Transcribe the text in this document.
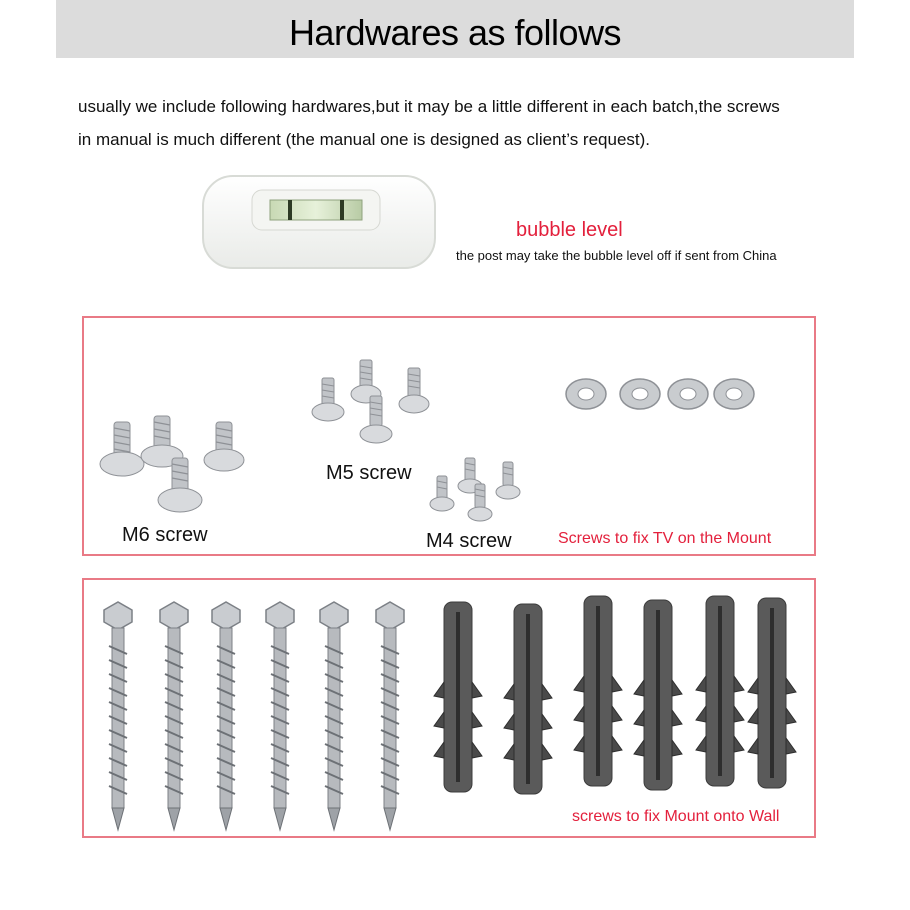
Hardwares as follows
usually we include following hardwares,but it may be a little different in each batch,the screws
in manual is much different (the manual one is designed as client’s request).
bubble level
the post may take the bubble level off if sent from China
M6 screw
M5 screw
M4 screw	Screws to fix TV on the Mount
screws to fix Mount onto Wall
